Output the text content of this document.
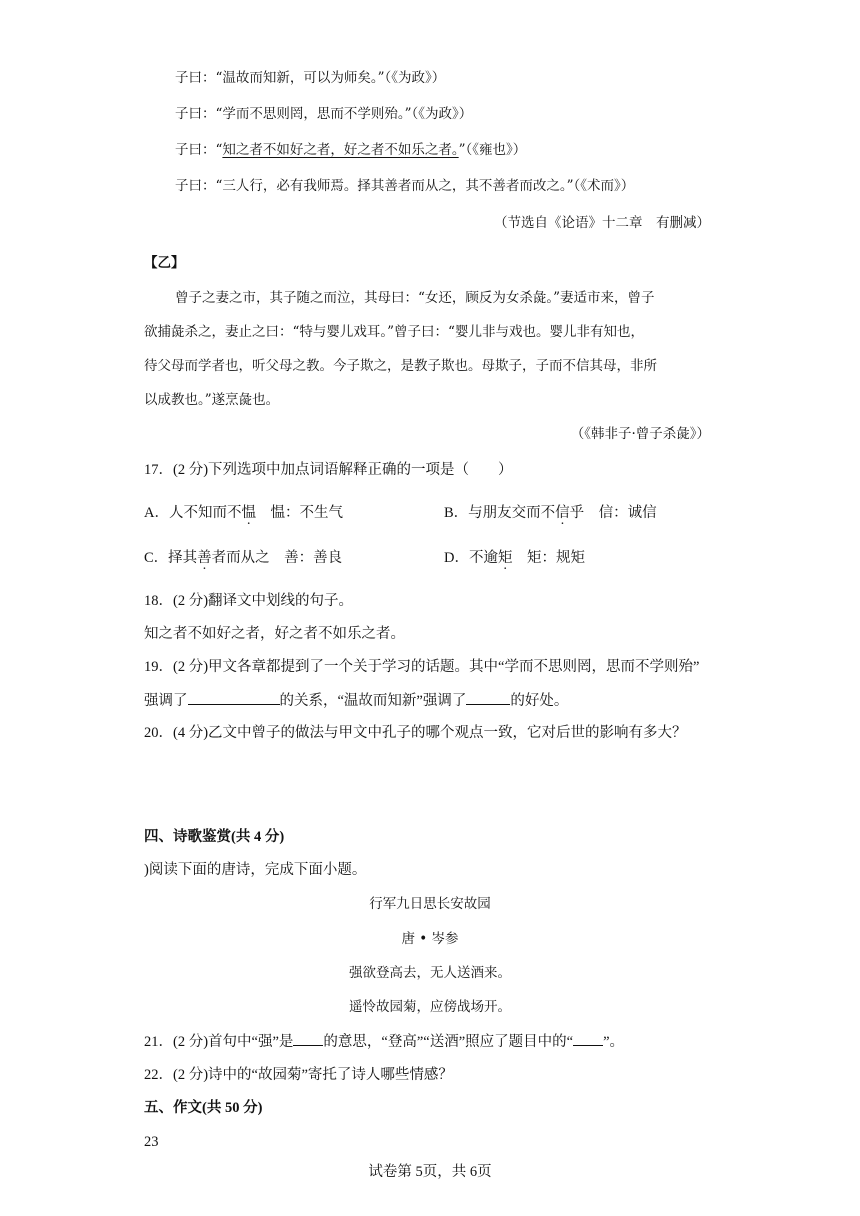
子曰：“温故而知新，可以为师矣。”（《为政》）
子曰：“学而不思则罔，思而不学则殆。”（《为政》）
子曰：“知之者不如好之者，好之者不如乐之者。”（《雍也》）
子曰：“三人行，必有我师焉。择其善者而从之，其不善者而改之。”（《术而》）
（节选自《论语》十二章　有删减）
【乙】
曾子之妻之市，其子随之而泣，其母曰：“女还，顾反为女杀彘。”妻适市来，曾子
欲捕彘杀之，妻止之曰：“特与婴儿戏耳。”曾子曰：“婴儿非与戏也。婴儿非有知也，
待父母而学者也，听父母之教。今子欺之，是教子欺也。母欺子，子而不信其母，非所
以成教也。”遂烹彘也。
（《韩非子·曾子杀彘》）
17．(2 分)下列选项中加点词语解释正确的一项是（　　）
A．人不知而不愠　愠：不生气	B．与朋友交而不信乎　信：诚信
C．择其善者而从之　善：善良	D．不逾矩　矩：规矩
18．(2 分)翻译文中划线的句子。
知之者不如好之者，好之者不如乐之者。
19．(2 分)甲文各章都提到了一个关于学习的话题。其中“学而不思则罔，思而不学则殆”
强调了	的关系，“温故而知新”强调了	的好处。
20．(4 分)乙文中曾子的做法与甲文中孔子的哪个观点一致，它对后世的影响有多大？
四、诗歌鉴赏(共 4 分)
)阅读下面的唐诗，完成下面小题。
行军九日思长安故园
唐 • 岑参
强欲登高去，无人送酒来。
遥怜故园菊，应傍战场开。
21．(2 分)首句中“强”是 的意思，“登高”“送酒”照应了题目中的“ ”。
22．(2 分)诗中的“故园菊”寄托了诗人哪些情感？
五、作文(共 50 分)
23
试卷第 5页，共 6页
